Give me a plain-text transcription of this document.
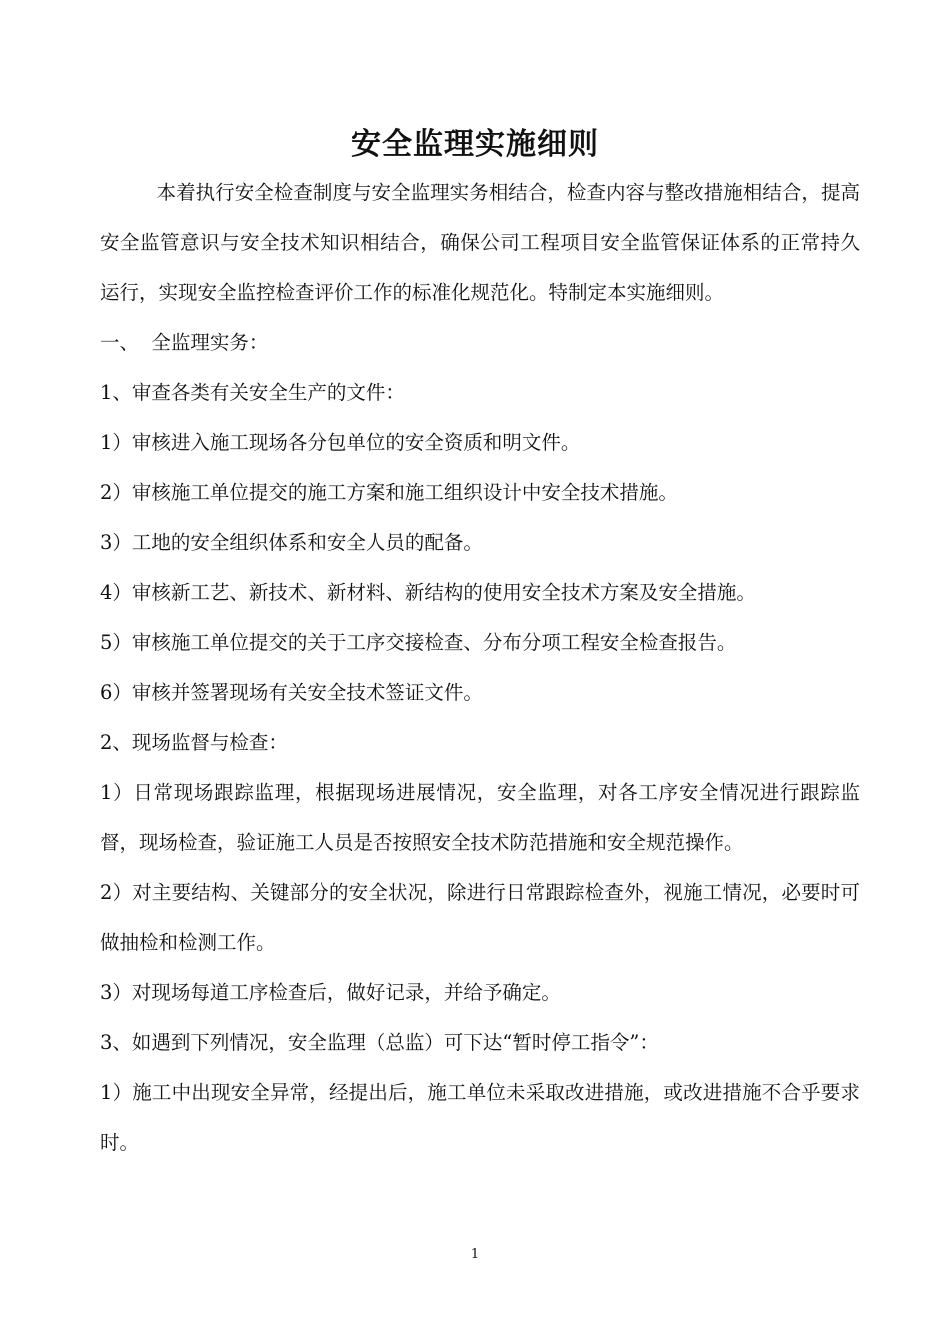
安全监理实施细则

本着执行安全检查制度与安全监理实务相结合，检查内容与整改措施相结合，提高安全监管意识与安全技术知识相结合，确保公司工程项目安全监管保证体系的正常持久运行，实现安全监控检查评价工作的标准化规范化。特制定本实施细则。

一、  全监理实务：

1、审查各类有关安全生产的文件：

1）审核进入施工现场各分包单位的安全资质和明文件。

2）审核施工单位提交的施工方案和施工组织设计中安全技术措施。

3）工地的安全组织体系和安全人员的配备。

4）审核新工艺、新技术、新材料、新结构的使用安全技术方案及安全措施。

5）审核施工单位提交的关于工序交接检查、分布分项工程安全检查报告。

6）审核并签署现场有关安全技术签证文件。

2、现场监督与检查：

1）日常现场跟踪监理，根据现场进展情况，安全监理，对各工序安全情况进行跟踪监督，现场检查，验证施工人员是否按照安全技术防范措施和安全规范操作。

2）对主要结构、关键部分的安全状况，除进行日常跟踪检查外，视施工情况，必要时可做抽检和检测工作。

3）对现场每道工序检查后，做好记录，并给予确定。

3、如遇到下列情况，安全监理（总监）可下达“暂时停工指令”：

1）施工中出现安全异常，经提出后，施工单位未采取改进措施，或改进措施不合乎要求时。

1
